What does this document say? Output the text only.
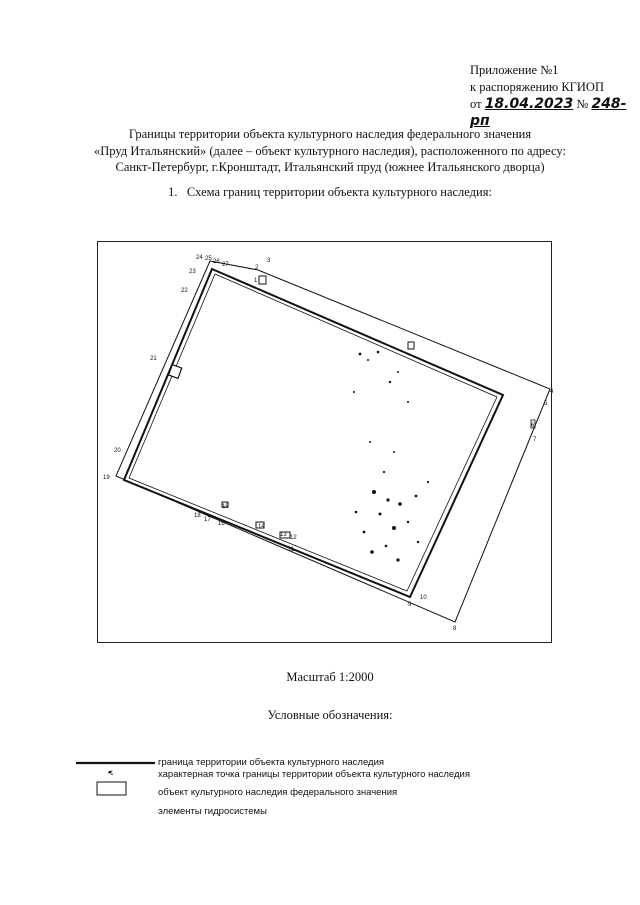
Приложение №1
к распоряжению КГИОП
от 18.04.2023 № 248-рп
Границы территории объекта культурного наследия федерального значения
«Пруд Итальянский» (далее – объект культурного наследия), расположенного по адресу:
Санкт-Петербург, г.Кронштадт, Итальянский пруд (южнее Итальянского дворца)
1.   Схема границ территории объекта культурного наследия:
1
2
3
4
5
6
7
8
9
10
11
12
13
14
15
16
17
18
19
20
21
22
23
24 25 26 27
Масштаб 1:2000
Условные обозначения:
•1
граница территории объекта культурного наследия
характерная точка границы территории объекта культурного наследия
объект культурного наследия федерального значения
элементы гидросистемы
